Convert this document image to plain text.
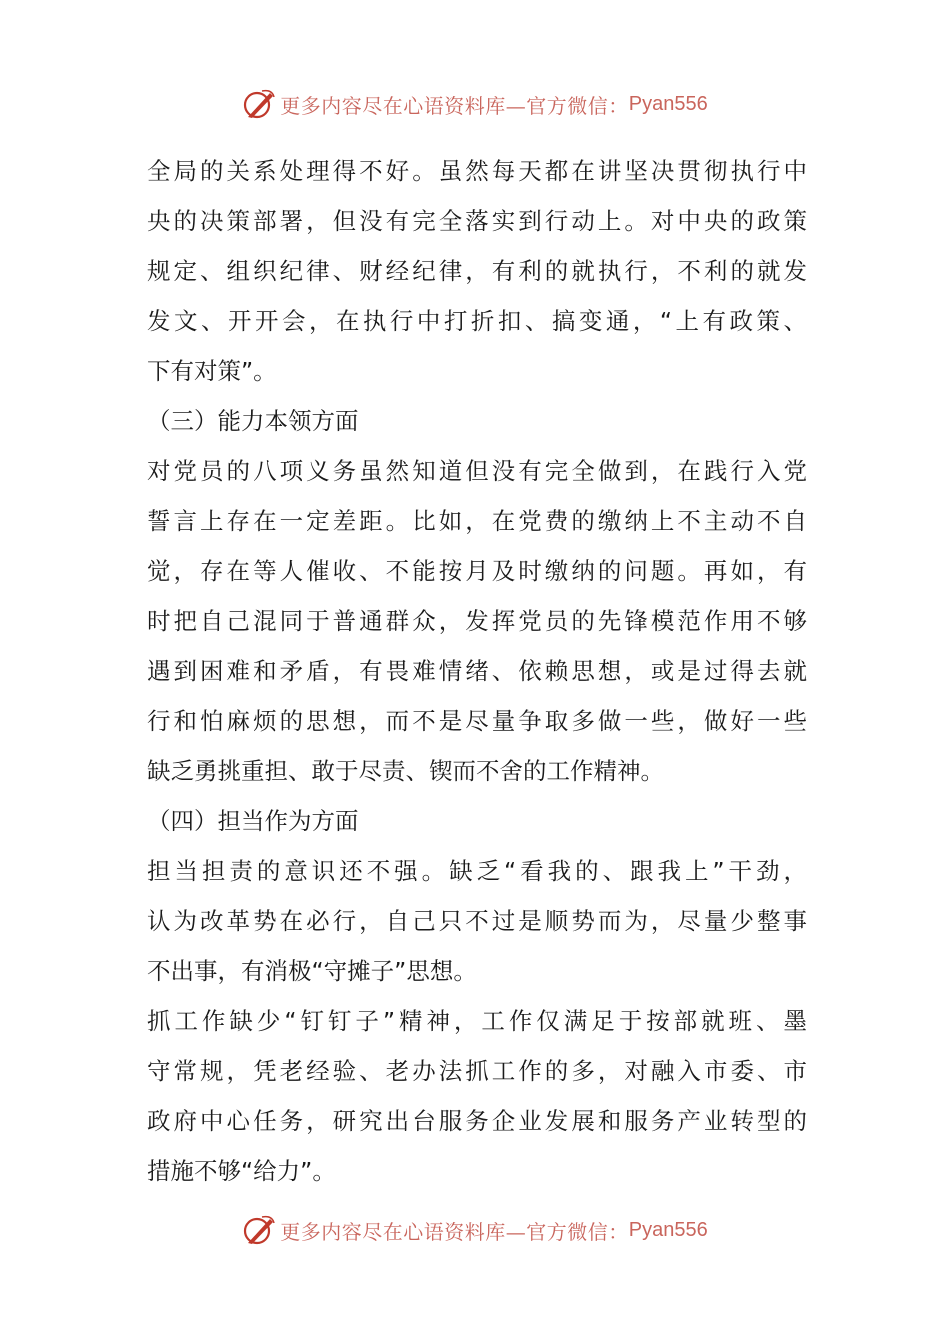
更多内容尽在心语资料库—官方微信： Pyan556
全局的关系处理得不好。虽然每天都在讲坚决贯彻执行中
央的决策部署，但没有完全落实到行动上。对中央的政策
规定、组织纪律、财经纪律，有利的就执行，不利的就发
发文、开开会，在执行中打折扣、搞变通，“上有政策、
下有对策”。
（三）能力本领方面
对党员的八项义务虽然知道但没有完全做到，在践行入党
誓言上存在一定差距。比如，在党费的缴纳上不主动不自
觉，存在等人催收、不能按月及时缴纳的问题。再如，有
时把自己混同于普通群众，发挥党员的先锋模范作用不够
遇到困难和矛盾，有畏难情绪、依赖思想，或是过得去就
行和怕麻烦的思想，而不是尽量争取多做一些，做好一些
缺乏勇挑重担、敢于尽责、锲而不舍的工作精神。
（四）担当作为方面
担当担责的意识还不强。缺乏“看我的、跟我上”干劲，
认为改革势在必行，自己只不过是顺势而为，尽量少整事
不出事，有消极“守摊子”思想。
抓工作缺少“钉钉子”精神，工作仅满足于按部就班、墨
守常规，凭老经验、老办法抓工作的多，对融入市委、市
政府中心任务，研究出台服务企业发展和服务产业转型的
措施不够“给力”。
更多内容尽在心语资料库—官方微信： Pyan556
